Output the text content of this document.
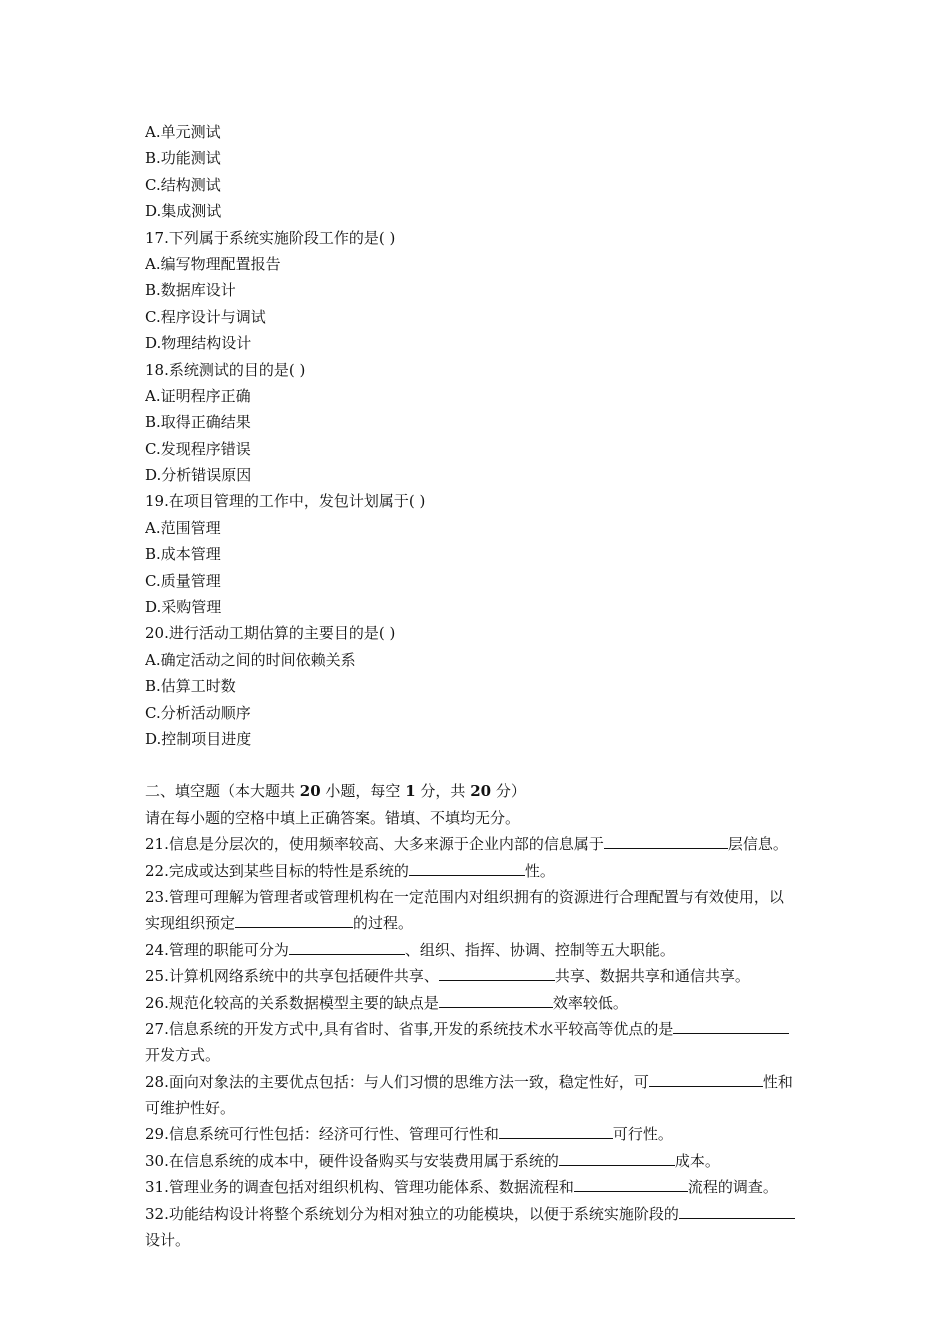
A.单元测试
B.功能测试
C.结构测试
D.集成测试
17.下列属于系统实施阶段工作的是( )
A.编写物理配置报告
B.数据库设计
C.程序设计与调试
D.物理结构设计
18.系统测试的目的是( )
A.证明程序正确
B.取得正确结果
C.发现程序错误
D.分析错误原因
19.在项目管理的工作中，发包计划属于( )
A.范围管理
B.成本管理
C.质量管理
D.采购管理
20.进行活动工期估算的主要目的是( )
A.确定活动之间的时间依赖关系
B.估算工时数
C.分析活动顺序
D.控制项目进度
二、填空题（本大题共 20 小题，每空 1 分，共 20 分）
请在每小题的空格中填上正确答案。错填、不填均无分。
21.信息是分层次的，使用频率较高、大多来源于企业内部的信息属于	层信息。
22.完成或达到某些目标的特性是系统的	性。
23.管理可理解为管理者或管理机构在一定范围内对组织拥有的资源进行合理配置与有效使用，以
实现组织预定	的过程。
24.管理的职能可分为	、组织、指挥、协调、控制等五大职能。
25.计算机网络系统中的共享包括硬件共享、	共享、数据共享和通信共享。
26.规范化较高的关系数据模型主要的缺点是	效率较低。
27.信息系统的开发方式中,具有省时、省事,开发的系统技术水平较高等优点的是
开发方式。
28.面向对象法的主要优点包括：与人们习惯的思维方法一致，稳定性好，可	性和
可维护性好。
29.信息系统可行性包括：经济可行性、管理可行性和	可行性。
30.在信息系统的成本中，硬件设备购买与安装费用属于系统的	成本。
31.管理业务的调查包括对组织机构、管理功能体系、数据流程和	流程的调查。
32.功能结构设计将整个系统划分为相对独立的功能模块，以便于系统实施阶段的
设计。
